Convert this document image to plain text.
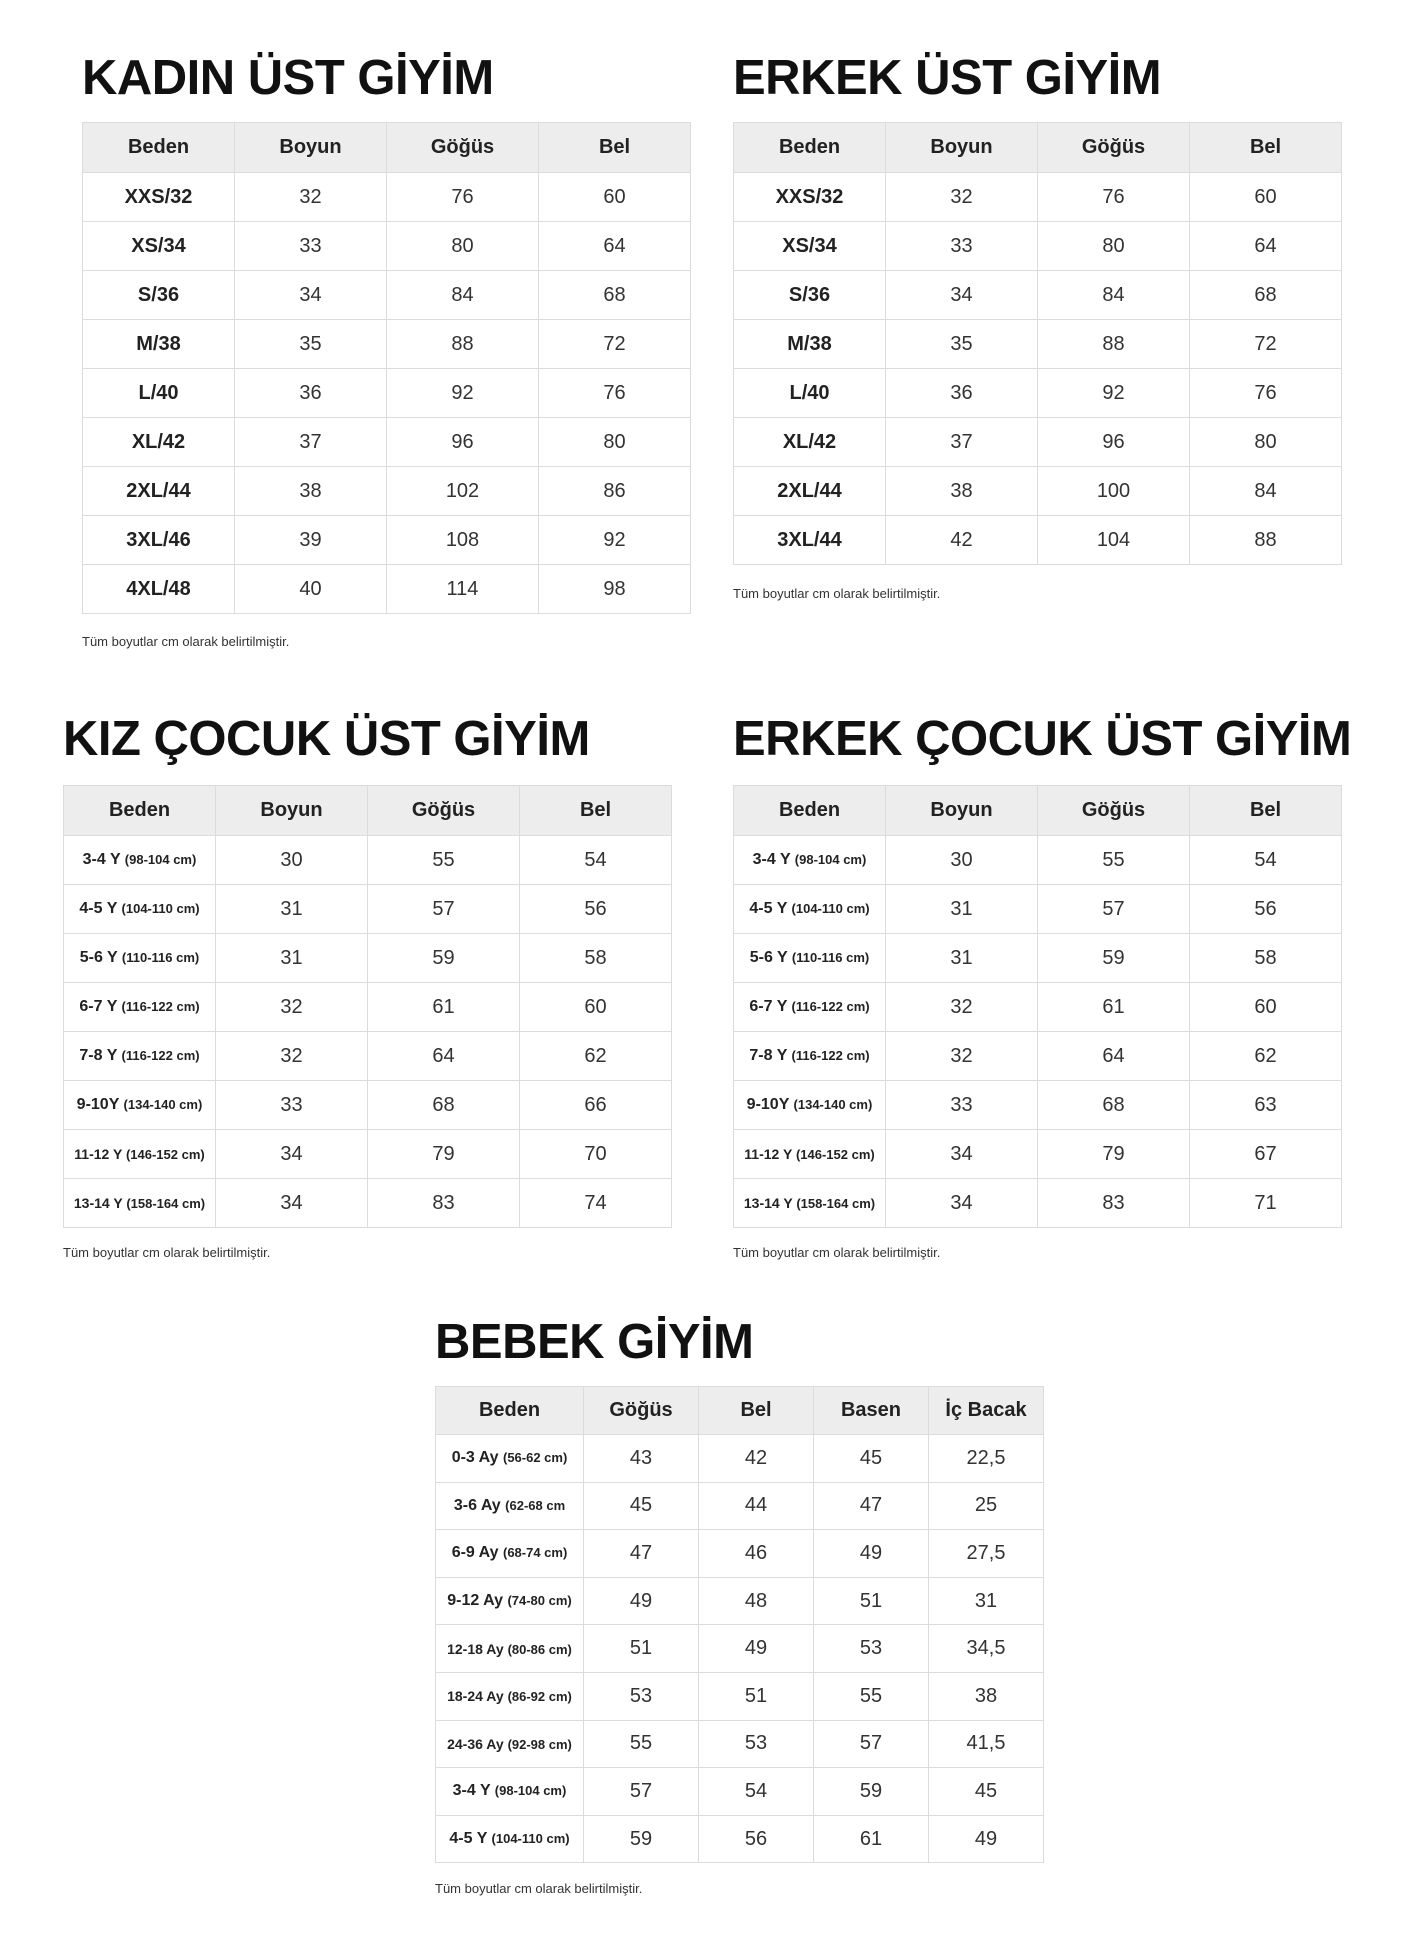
KADIN ÜST GİYİM
Beden	Boyun	Göğüs	Bel
XXS/32	32	76	60
XS/34	33	80	64
S/36	34	84	68
M/38	35	88	72
L/40	36	92	76
XL/42	37	96	80
2XL/44	38	102	86
3XL/46	39	108	92
4XL/48	40	114	98
Tüm boyutlar cm olarak belirtilmiştir.
ERKEK ÜST GİYİM
Beden	Boyun	Göğüs	Bel
XXS/32	32	76	60
XS/34	33	80	64
S/36	34	84	68
M/38	35	88	72
L/40	36	92	76
XL/42	37	96	80
2XL/44	38	100	84
3XL/44	42	104	88
Tüm boyutlar cm olarak belirtilmiştir.
KIZ ÇOCUK ÜST GİYİM
Beden	Boyun	Göğüs	Bel
3-4 Y (98-104 cm)	30	55	54
4-5 Y (104-110 cm)	31	57	56
5-6 Y (110-116 cm)	31	59	58
6-7 Y (116-122 cm)	32	61	60
7-8 Y (116-122 cm)	32	64	62
9-10Y (134-140 cm)	33	68	66
11-12 Y (146-152 cm)	34	79	70
13-14 Y (158-164 cm)	34	83	74
Tüm boyutlar cm olarak belirtilmiştir.
ERKEK ÇOCUK ÜST GİYİM
Beden	Boyun	Göğüs	Bel
3-4 Y (98-104 cm)	30	55	54
4-5 Y (104-110 cm)	31	57	56
5-6 Y (110-116 cm)	31	59	58
6-7 Y (116-122 cm)	32	61	60
7-8 Y (116-122 cm)	32	64	62
9-10Y (134-140 cm)	33	68	63
11-12 Y (146-152 cm)	34	79	67
13-14 Y (158-164 cm)	34	83	71
Tüm boyutlar cm olarak belirtilmiştir.
BEBEK GİYİM
Beden	Göğüs	Bel	Basen	İç Bacak
0-3 Ay (56-62 cm)	43	42	45	22,5
3-6 Ay (62-68 cm	45	44	47	25
6-9 Ay (68-74 cm)	47	46	49	27,5
9-12 Ay (74-80 cm)	49	48	51	31
12-18 Ay (80-86 cm)	51	49	53	34,5
18-24 Ay (86-92 cm)	53	51	55	38
24-36 Ay (92-98 cm)	55	53	57	41,5
3-4 Y (98-104 cm)	57	54	59	45
4-5 Y (104-110 cm)	59	56	61	49
Tüm boyutlar cm olarak belirtilmiştir.
